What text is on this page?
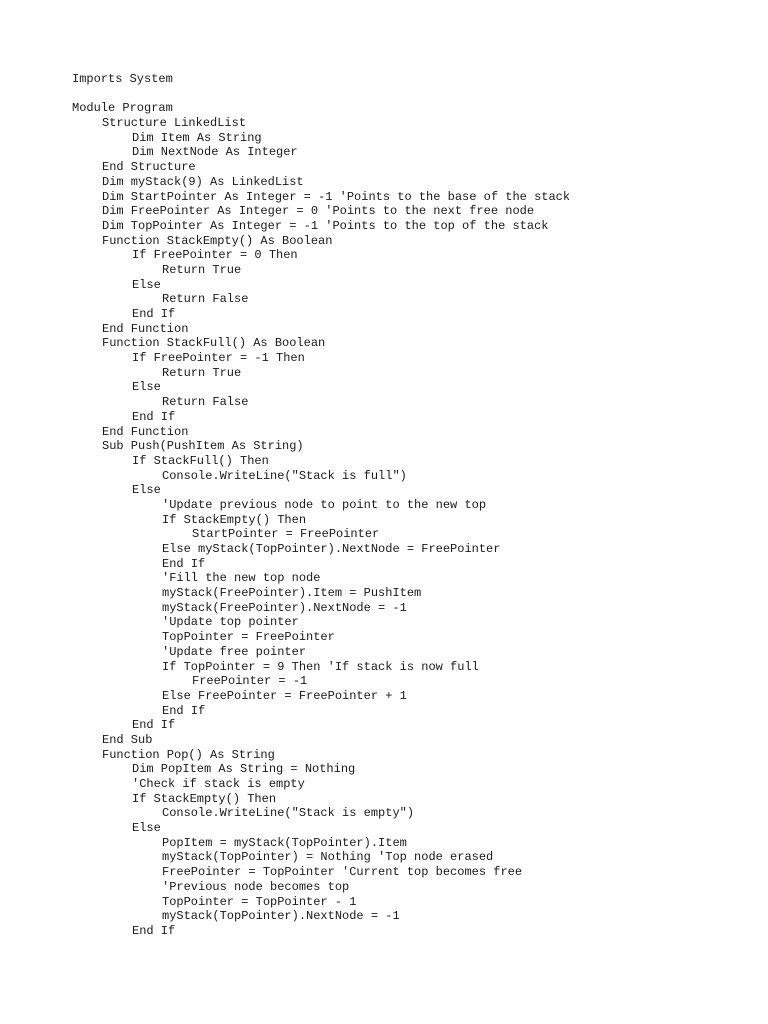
Imports System
Module Program
Structure LinkedList
Dim Item As String
Dim NextNode As Integer
End Structure
Dim myStack(9) As LinkedList
Dim StartPointer As Integer = -1 'Points to the base of the stack
Dim FreePointer As Integer = 0 'Points to the next free node
Dim TopPointer As Integer = -1 'Points to the top of the stack
Function StackEmpty() As Boolean
If FreePointer = 0 Then
Return True
Else
Return False
End If
End Function
Function StackFull() As Boolean
If FreePointer = -1 Then
Return True
Else
Return False
End If
End Function
Sub Push(PushItem As String)
If StackFull() Then
Console.WriteLine("Stack is full")
Else
'Update previous node to point to the new top
If StackEmpty() Then
StartPointer = FreePointer
Else myStack(TopPointer).NextNode = FreePointer
End If
'Fill the new top node
myStack(FreePointer).Item = PushItem
myStack(FreePointer).NextNode = -1
'Update top pointer
TopPointer = FreePointer
'Update free pointer
If TopPointer = 9 Then 'If stack is now full
FreePointer = -1
Else FreePointer = FreePointer + 1
End If
End If
End Sub
Function Pop() As String
Dim PopItem As String = Nothing
'Check if stack is empty
If StackEmpty() Then
Console.WriteLine("Stack is empty")
Else
PopItem = myStack(TopPointer).Item
myStack(TopPointer) = Nothing 'Top node erased
FreePointer = TopPointer 'Current top becomes free
'Previous node becomes top
TopPointer = TopPointer - 1
myStack(TopPointer).NextNode = -1
End If
